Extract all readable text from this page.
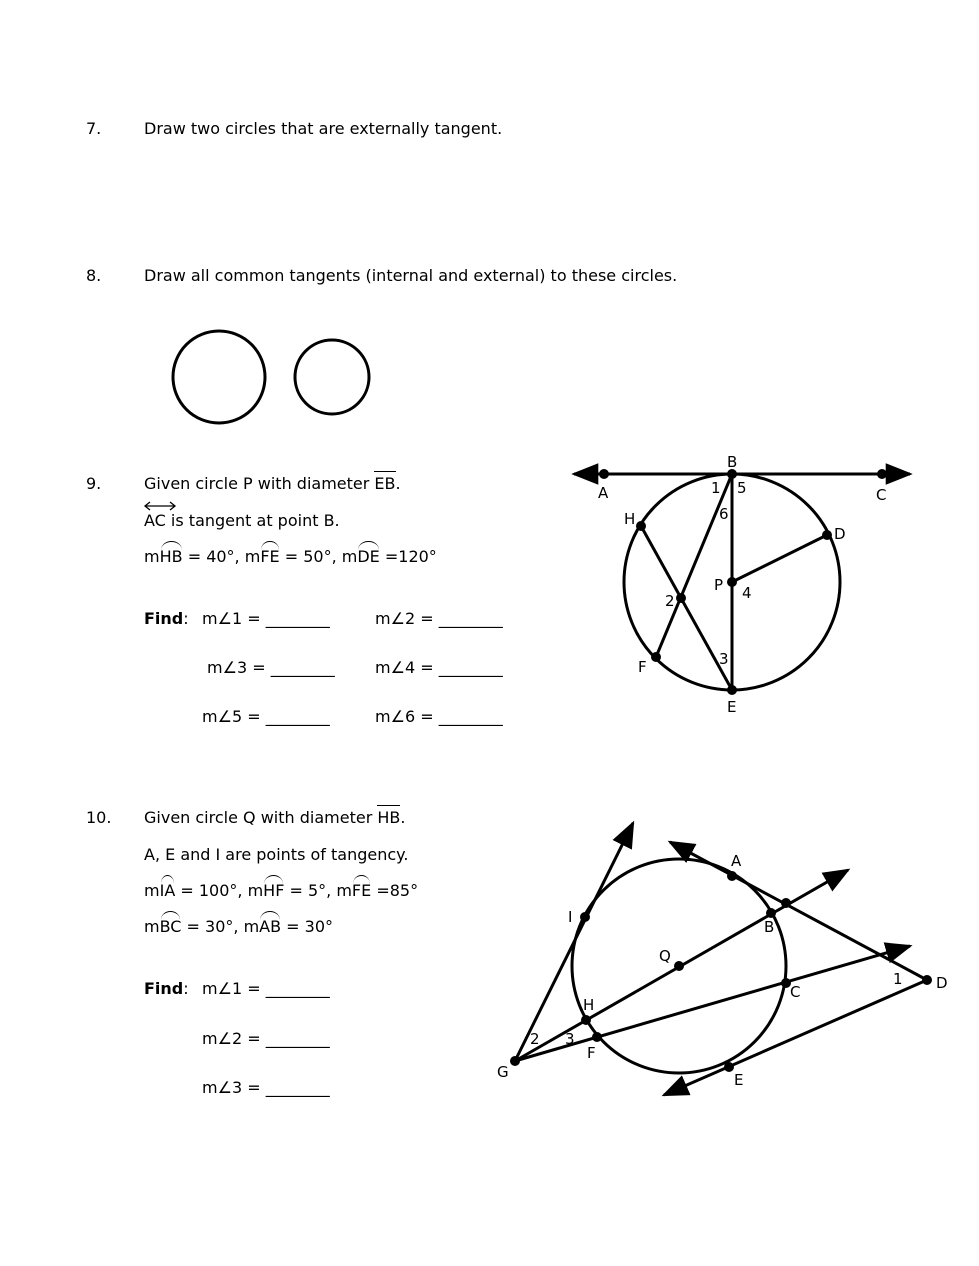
7.	Draw two circles that are externally tangent.
8.	Draw all common tangents (internal and external) to these circles.
9.	Given circle P with diameter EB.
AC is tangent at point B.
mHB = 40°, mFE = 50°, mDE =120°
Find: m∠1 = ________	m∠2 = ________
m∠3 = ________	m∠4 = ________
m∠5 = ________	m∠6 = ________
A
B
C
D
E
F
H
P
1 5
6
2	4
3
10. Given circle Q with diameter HB.
A, E and I are points of tangency.
mIA = 100°, mHF = 5°, mFE =85°
mBC = 30°, mAB = 30°
Find: m∠1 = ________
m∠2 = ________
m∠3 = ________
A
B
C	D
E
F
G
H
I
Q
1
2 3
